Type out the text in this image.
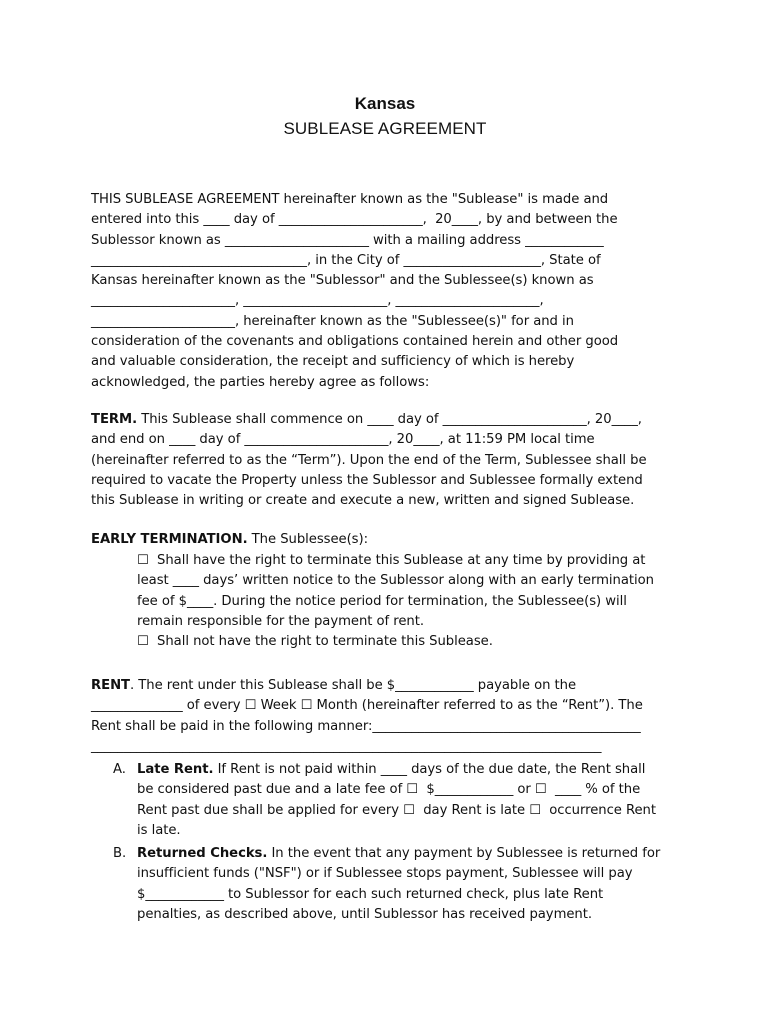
Kansas
SUBLEASE AGREEMENT
THIS SUBLEASE AGREEMENT hereinafter known as the "Sublease" is made and
entered into this ____ day of ______________________,  20____, by and between the
Sublessor known as ______________________ with a mailing address ____________
_________________________________, in the City of _____________________, State of
Kansas hereinafter known as the "Sublessor" and the Sublessee(s) known as
______________________, ______________________, ______________________,
______________________, hereinafter known as the "Sublessee(s)" for and in
consideration of the covenants and obligations contained herein and other good
and valuable consideration, the receipt and sufficiency of which is hereby
acknowledged, the parties hereby agree as follows:
TERM. This Sublease shall commence on ____ day of ______________________, 20____,
and end on ____ day of ______________________, 20____, at 11:59 PM local time
(hereinafter referred to as the “Term”). Upon the end of the Term, Sublessee shall be
required to vacate the Property unless the Sublessor and Sublessee formally extend
this Sublease in writing or create and execute a new, written and signed Sublease.
EARLY TERMINATION. The Sublessee(s):
☐  Shall have the right to terminate this Sublease at any time by providing at
least ____ days’ written notice to the Sublessor along with an early termination
fee of $____. During the notice period for termination, the Sublessee(s) will
remain responsible for the payment of rent.
☐  Shall not have the right to terminate this Sublease.
RENT. The rent under this Sublease shall be $____________ payable on the
______________ of every ☐ Week ☐ Month (hereinafter referred to as the “Rent”). The
Rent shall be paid in the following manner:_________________________________________
______________________________________________________________________________
A. Late Rent. If Rent is not paid within ____ days of the due date, the Rent shall
be considered past due and a late fee of ☐  $____________ or ☐  ____ % of the
Rent past due shall be applied for every ☐  day Rent is late ☐  occurrence Rent
is late.
B. Returned Checks. In the event that any payment by Sublessee is returned for
insufficient funds ("NSF") or if Sublessee stops payment, Sublessee will pay
$____________ to Sublessor for each such returned check, plus late Rent
penalties, as described above, until Sublessor has received payment.
